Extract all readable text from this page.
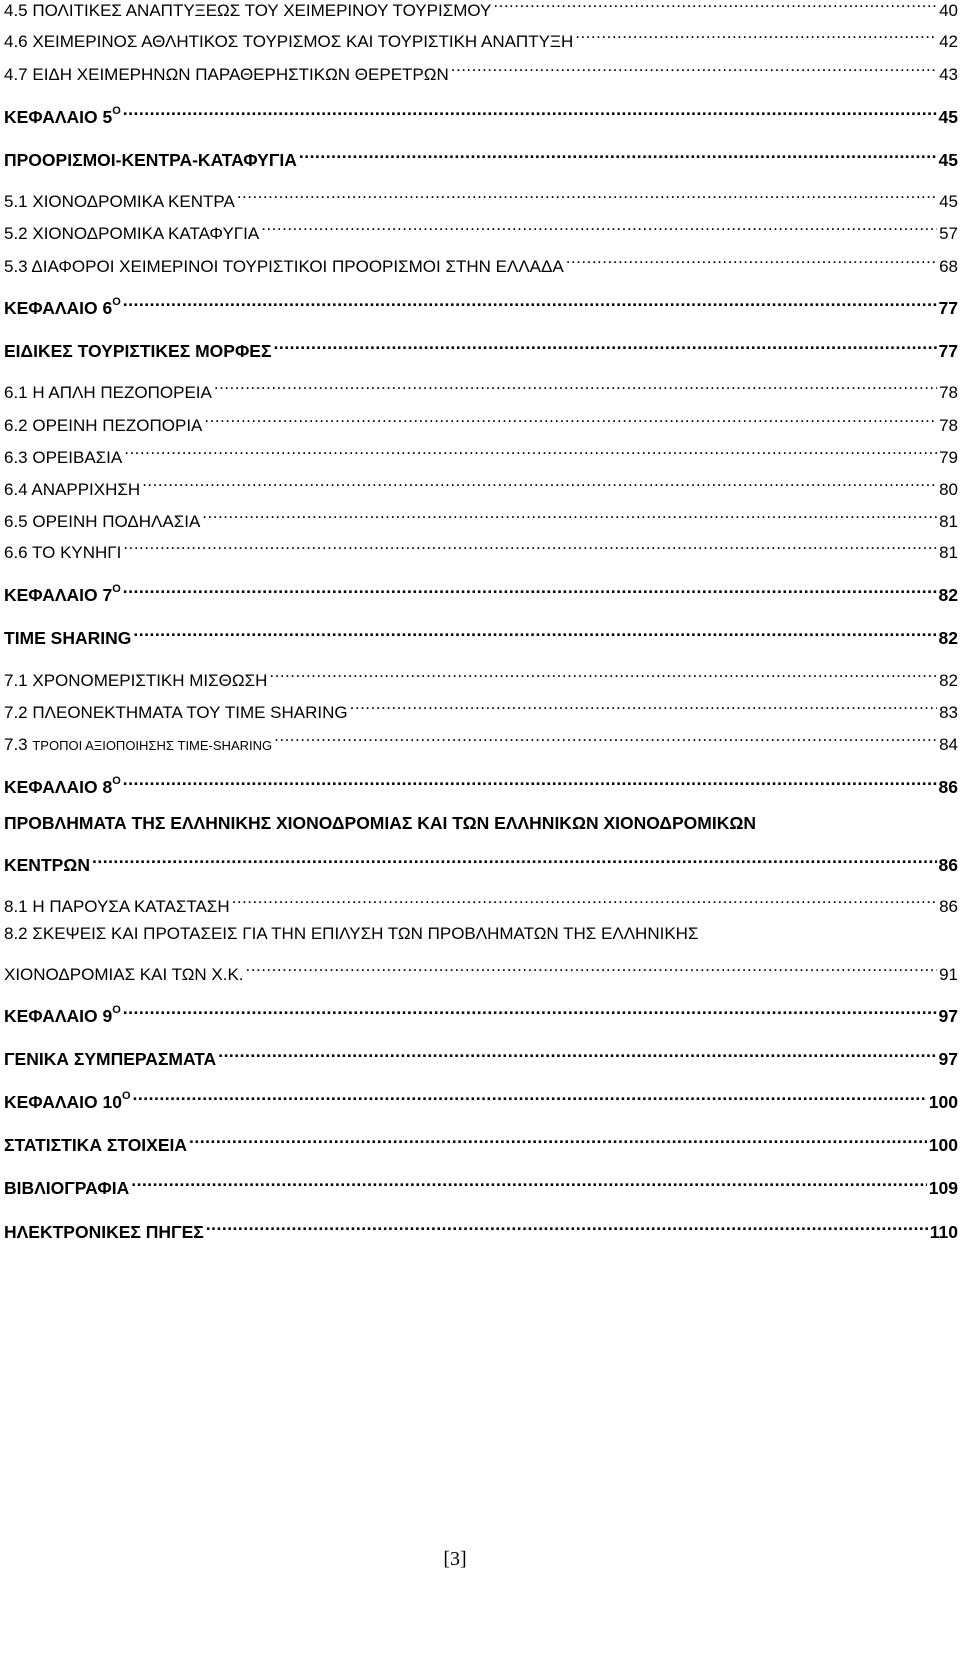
4.5 ΠΟΛΙΤΙΚΕΣ ΑΝΑΠΤΥΞΕΩΣ ΤΟΥ ΧΕΙΜΕΡΙΝΟΥ ΤΟΥΡΙΣΜΟΥ .....	40
4.6 ΧΕΙΜΕΡΙΝΟΣ ΑΘΛΗΤΙΚΟΣ ΤΟΥΡΙΣΜΟΣ ΚΑΙ ΤΟΥΡΙΣΤΙΚΗ ΑΝΑΠΤΥΞΗ .....	42
4.7 ΕΙΔΗ ΧΕΙΜΕΡΗΝΩΝ ΠΑΡΑΘΕΡΗΣΤΙΚΩΝ ΘΕΡΕΤΡΩΝ .....	43
ΚΕΦΑΛΑΙΟ $5^O$ .....	45
ΠΡΟΟΡΙΣΜΟΙ-ΚΕΝΤΡΑ-ΚΑΤΑΦΥΓΙΑ .....	45
5.1 ΧΙΟΝΟΔΡΟΜΙΚΑ ΚΕΝΤΡΑ .....	45
5.2 ΧΙΟΝΟΔΡΟΜΙΚΑ ΚΑΤΑΦΥΓΙΑ .....	57
5.3 ΔΙΑΦΟΡΟΙ ΧΕΙΜΕΡΙΝΟΙ ΤΟΥΡΙΣΤΙΚΟΙ ΠΡΟΟΡΙΣΜΟΙ ΣΤΗΝ ΕΛΛΑΔΑ .....	68
ΚΕΦΑΛΑΙΟ $6^O$ .....	77
ΕΙΔΙΚΕΣ ΤΟΥΡΙΣΤΙΚΕΣ ΜΟΡΦΕΣ .....	77
6.1 Η ΑΠΛΗ ΠΕΖΟΠΟΡΕΙΑ .....	78
6.2 ΟΡΕΙΝΗ ΠΕΖΟΠΟΡΙΑ .....	78
6.3 ΟΡΕΙΒΑΣΙΑ .....	79
6.4 ΑΝΑΡΡΙΧΗΣΗ .....	80
6.5 ΟΡΕΙΝΗ ΠΟΔΗΛΑΣΙΑ .....	81
6.6 ΤΟ ΚΥΝΗΓΙ .....	81
ΚΕΦΑΛΑΙΟ $7^O$ .....	82
TIME SHARING .....	82
7.1 ΧΡΟΝΟΜΕΡΙΣΤΙΚΗ ΜΙΣΘΩΣΗ .....	82
7.2 ΠΛΕΟΝΕΚΤΗΜΑΤΑ ΤΟΥ TIME SHARING .....	83
7.3 ΤΡΟΠΟΙ ΑΞΙΟΠΟΙΗΣΗΣ TIME-SHARING .....	84
ΚΕΦΑΛΑΙΟ $8^O$ .....	86
ΠΡΟΒΛΗΜΑΤΑ ΤΗΣ ΕΛΛΗΝΙΚΗΣ ΧΙΟΝΟΔΡΟΜΙΑΣ ΚΑΙ ΤΩΝ ΕΛΛΗΝΙΚΩΝ ΧΙΟΝΟΔΡΟΜΙΚΩΝ
ΚΕΝΤΡΩΝ .....	86
8.1 Η ΠΑΡΟΥΣΑ ΚΑΤΑΣΤΑΣΗ .....	86
8.2 ΣΚΕΨΕΙΣ ΚΑΙ ΠΡΟΤΑΣΕΙΣ ΓΙΑ ΤΗΝ ΕΠΙΛΥΣΗ ΤΩΝ ΠΡΟΒΛΗΜΑΤΩΝ ΤΗΣ ΕΛΛΗΝΙΚΗΣ
ΧΙΟΝΟΔΡΟΜΙΑΣ ΚΑΙ ΤΩΝ Χ.Κ. .....	91
ΚΕΦΑΛΑΙΟ $9^O$ .....	97
ΓΕΝΙΚΑ ΣΥΜΠΕΡΑΣΜΑΤΑ .....	97
ΚΕΦΑΛΑΙΟ $10^O$ .....	100
ΣΤΑΤΙΣΤΙΚΑ ΣΤΟΙΧΕΙΑ .....	100
ΒΙΒΛΙΟΓΡΑΦΙΑ .....	109
ΗΛΕΚΤΡΟΝΙΚΕΣ ΠΗΓΕΣ .....	110
[3]
